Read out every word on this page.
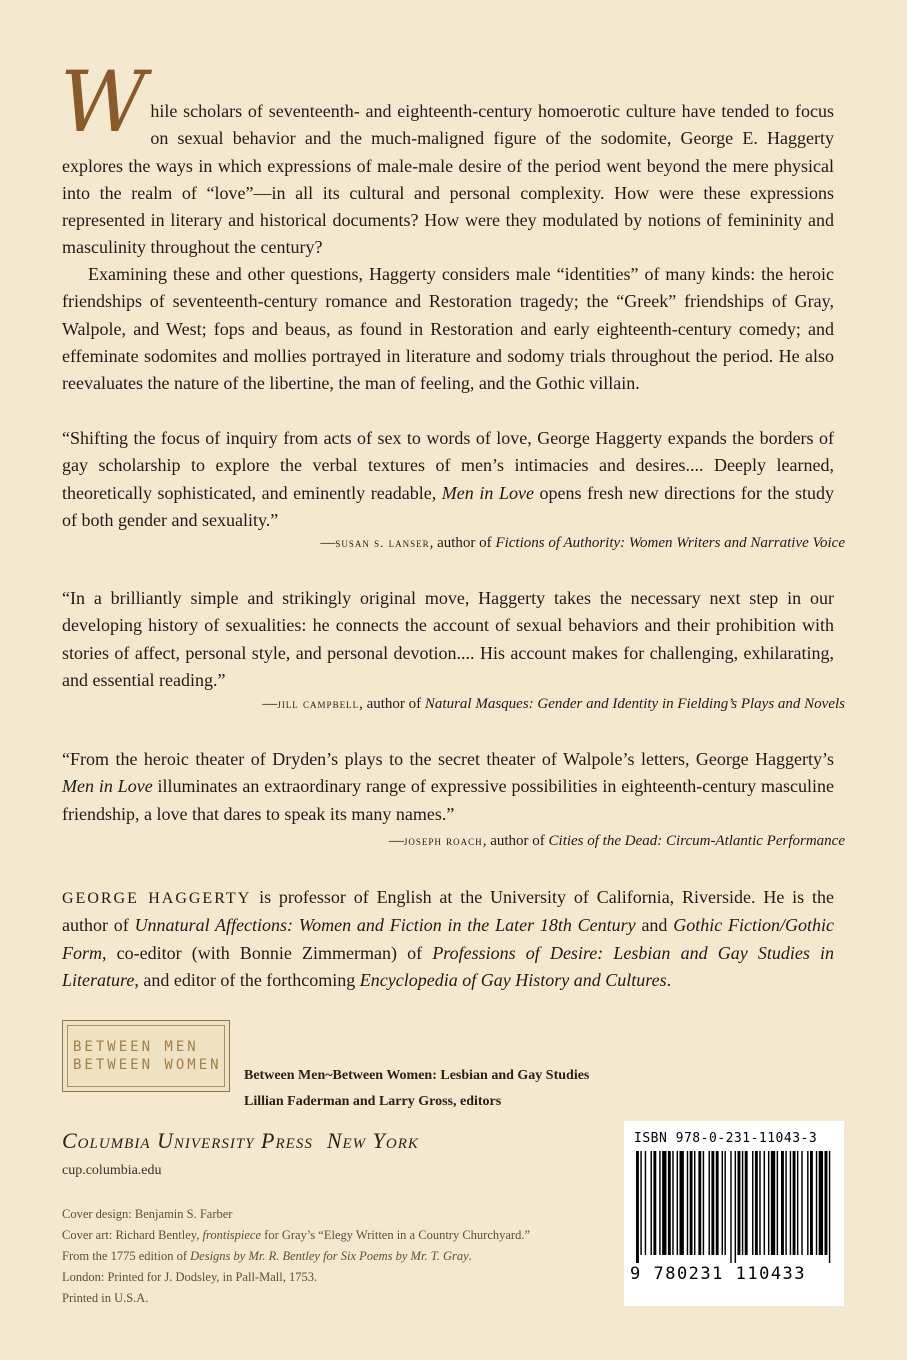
While scholars of seventeenth- and eighteenth-century homoerotic culture have tended to focus on sexual behavior and the much-maligned figure of the sodomite, George E. Haggerty explores the ways in which expressions of male-male desire of the period went beyond the mere physical into the realm of “love”—in all its cultural and personal complexity. How were these expressions represented in literary and historical documents? How were they modulated by notions of femininity and masculinity throughout the century?

Examining these and other questions, Haggerty considers male “identities” of many kinds: the heroic friendships of seventeenth-century romance and Restoration tragedy; the “Greek” friendships of Gray, Walpole, and West; fops and beaus, as found in Restoration and early eighteenth-century comedy; and effeminate sodomites and mollies portrayed in literature and sodomy trials throughout the period. He also reevaluates the nature of the libertine, the man of feeling, and the Gothic villain.

“Shifting the focus of inquiry from acts of sex to words of love, George Haggerty expands the borders of gay scholarship to explore the verbal textures of men’s intimacies and desires.... Deeply learned, theoretically sophisticated, and eminently readable, Men in Love opens fresh new directions for the study of both gender and sexuality.”

—susan s. lanser, author of Fictions of Authority: Women Writers and Narrative Voice

“In a brilliantly simple and strikingly original move, Haggerty takes the necessary next step in our developing history of sexualities: he connects the account of sexual behaviors and their prohibition with stories of affect, personal style, and personal devotion.... His account makes for challenging, exhilarating, and essential reading.”

—jill campbell, author of Natural Masques: Gender and Identity in Fielding’s Plays and Novels

“From the heroic theater of Dryden’s plays to the secret theater of Walpole’s letters, George Haggerty’s Men in Love illuminates an extraordinary range of expressive possibilities in eighteenth-century masculine friendship, a love that dares to speak its many names.”

—joseph roach, author of Cities of the Dead: Circum-Atlantic Performance

GEORGE HAGGERTY is professor of English at the University of California, Riverside. He is the author of Unnatural Affections: Women and Fiction in the Later 18th Century and Gothic Fiction/Gothic Form, co-editor (with Bonnie Zimmerman) of Professions of Desire: Lesbian and Gay Studies in Literature, and editor of the forthcoming Encyclopedia of Gay History and Cultures.

BETWEEN MEN
BETWEEN WOMEN
Between Men~Between Women: Lesbian and Gay Studies
Lillian Faderman and Larry Gross, editors
Columbia University Press New York
cup.columbia.edu
Cover design: Benjamin S. Farber
Cover art: Richard Bentley, frontispiece for Gray’s “Elegy Written in a Country Churchyard.”
From the 1775 edition of Designs by Mr. R. Bentley for Six Poems by Mr. T. Gray.
London: Printed for J. Dodsley, in Pall-Mall, 1753.
Printed in U.S.A.
ISBN 978-0-231-11043-3
9 780231 110433
